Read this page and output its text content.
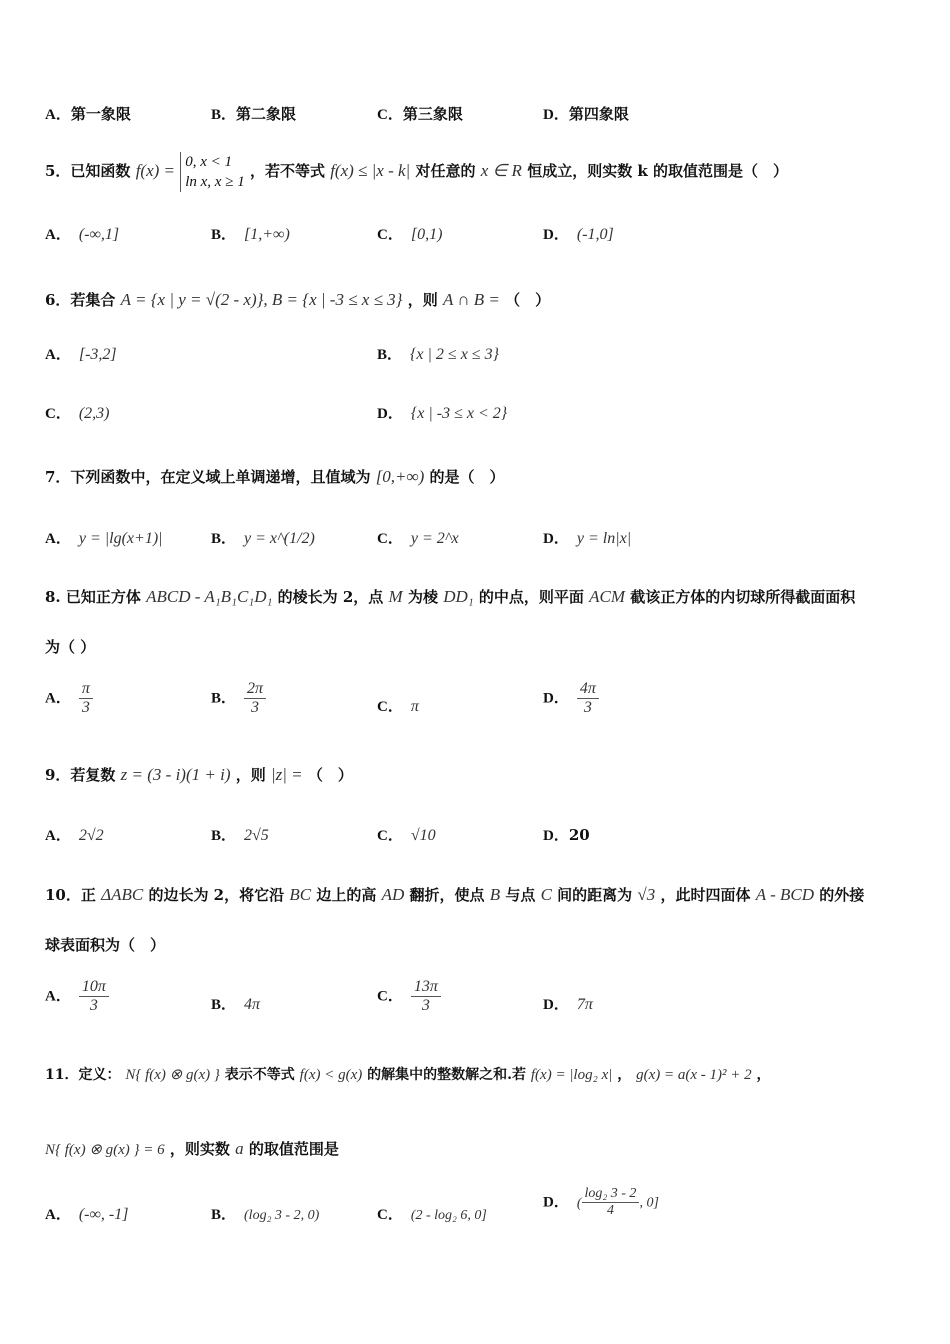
A．第一象限	B．第二象限	C．第三象限	D．第四象限
5．已知函数 f(x) = 0, x < 1
ln x, x ≥ 1
，若不等式 f(x) ≤ |x - k| 对任意的 x ∈ R 恒成立，则实数 k 的取值范围是（　）
A． (-∞,1]	B． [1,+∞)	C． [0,1)	D． (-1,0]
6．若集合 A = {x | y = √(2 - x)}, B = {x | -3 ≤ x ≤ 3} ，则 A ∩ B = （　）
A． [-3,2]	B． {x | 2 ≤ x ≤ 3}
C． (2,3)	D． {x | -3 ≤ x < 2}
7．下列函数中，在定义域上单调递增，且值域为 [0,+∞) 的是（　）
A． y = |lg(x+1)|	B． y = x^(1/2)	C． y = 2^x	D． y = ln|x|
8. 已知正方体 ABCD - A₁B₁C₁D₁ 的棱长为 2，点 M 为棱 DD₁ 的中点，则平面 ACM 截该正方体的内切球所得截面面积
为（ ）
A． $\frac{\pi}{3}$	B． $\frac{2\pi}{3}$	C． π	D． $\frac{4\pi}{3}$
9．若复数 z = (3 - i)(1 + i) ，则 |z| = （　）
A． 2√2	B． 2√5	C． √10	D．20
10．正 ΔABC 的边长为 2，将它沿 BC 边上的高 AD 翻折，使点 B 与点 C 间的距离为 √3 ，此时四面体 A - BCD 的外接
球表面积为（　）
A． $\frac{10\pi}{3}$	B． 4π	C． $\frac{13\pi}{3}$	D． 7π
11．定义： N{ f(x) ⊗ g(x) } 表示不等式 f(x) < g(x) 的解集中的整数解之和.若 f(x) = |log₂ x| ， g(x) = a(x - 1)² + 2 ，
N{ f(x) ⊗ g(x) } = 6 ，则实数 a 的取值范围是
A． (-∞, -1]	B． (log₂ 3 - 2, 0)	C． (2 - log₂ 6, 0]
D． ( $\frac{\text{log₂ 3 - 2}}{4}$ , 0]
